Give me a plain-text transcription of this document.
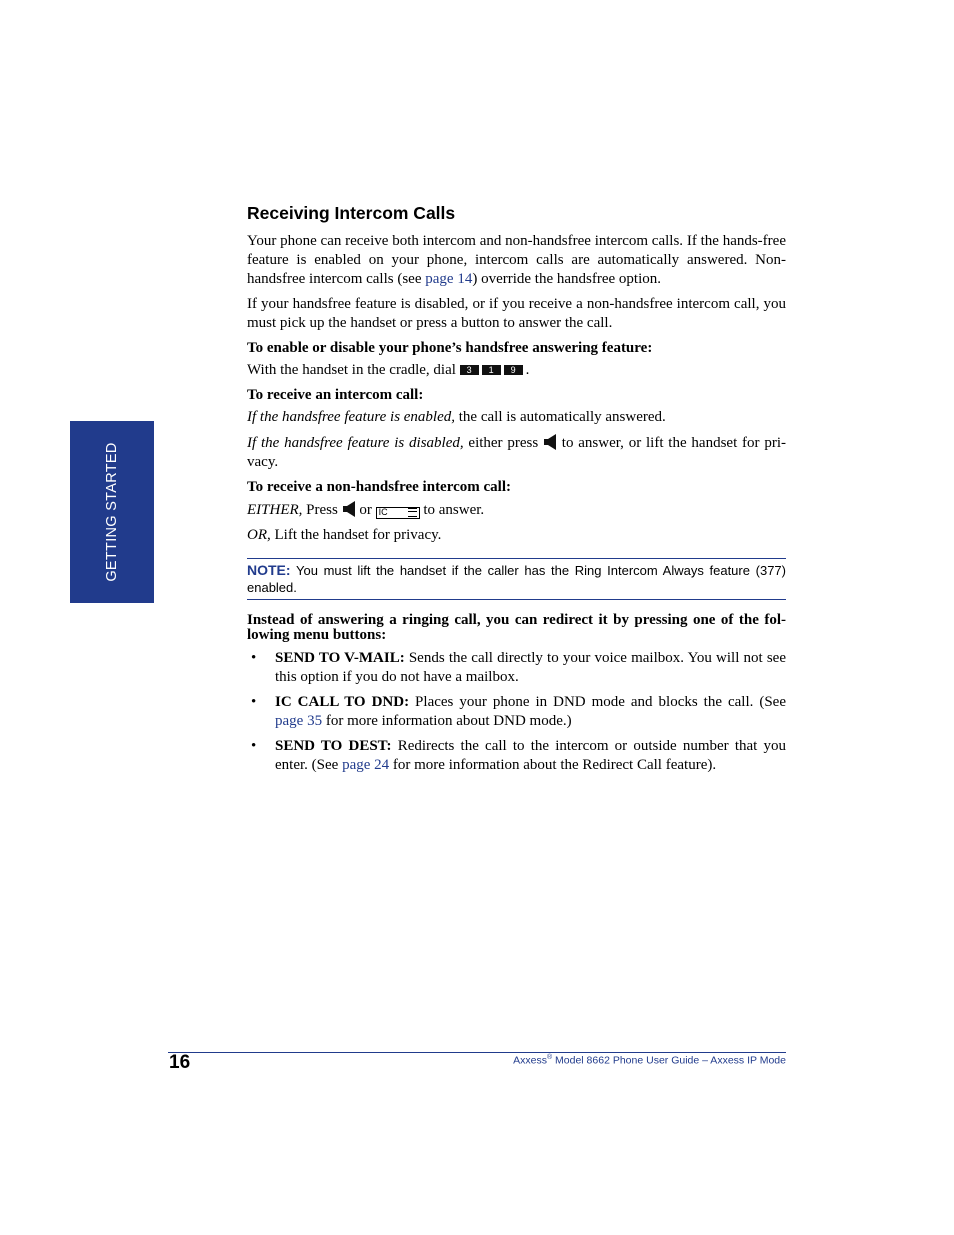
GETTING STARTED
Receiving Intercom Calls

Your phone can receive both intercom and non-handsfree intercom calls. If the hands-free feature is enabled on your phone, intercom calls are automatically answered. Non-handsfree intercom calls (see page 14) override the handsfree option.

If your handsfree feature is disabled, or if you receive a non-handsfree intercom call, you must pick up the handset or press a button to answer the call.

To enable or disable your phone’s handsfree answering feature:

With the handset in the cradle, dial 3 1 9 .

To receive an intercom call:

If the handsfree feature is enabled, the call is automatically answered.

If the handsfree feature is disabled, either press  to answer, or lift the handset for pri-vacy.

To receive a non-handsfree intercom call:

EITHER, Press  or IC to answer.

OR, Lift the handset for privacy.

NOTE: You must lift the handset if the caller has the Ring Intercom Always feature (377) enabled.

Instead of answering a ringing call, you can redirect it by pressing one of the fol-lowing menu buttons:

• SEND TO V-MAIL: Sends the call directly to your voice mailbox. You will not see this option if you do not have a mailbox.
• IC CALL TO DND: Places your phone in DND mode and blocks the call. (See page 35 for more information about DND mode.)
• SEND TO DEST: Redirects the call to the intercom or outside number that you enter. (See page 24 for more information about the Redirect Call feature).
16	Axxess® Model 8662 Phone User Guide – Axxess IP Mode
